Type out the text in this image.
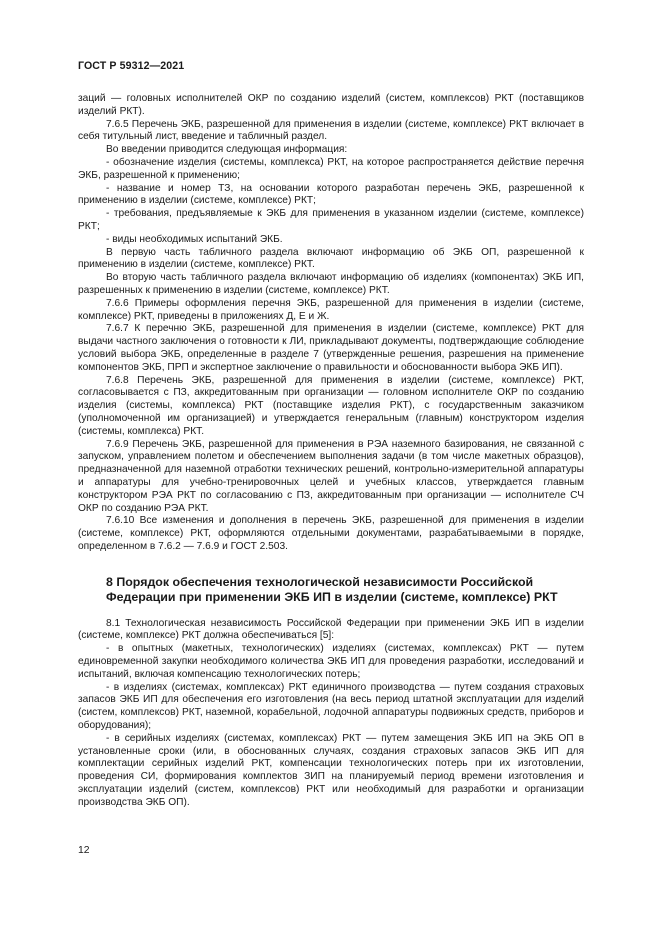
ГОСТ Р 59312—2021

заций — головных исполнителей ОКР по созданию изделий (систем, комплексов) РКТ (поставщиков изделий РКТ).

7.6.5 Перечень ЭКБ, разрешенной для применения в изделии (системе, комплексе) РКТ включает в себя титульный лист, введение и табличный раздел.

Во введении приводится следующая информация:

- обозначение изделия (системы, комплекса) РКТ, на которое распространяется действие перечня ЭКБ, разрешенной к применению;

- название и номер ТЗ, на основании которого разработан перечень ЭКБ, разрешенной к применению в изделии (системе, комплексе) РКТ;

- требования, предъявляемые к ЭКБ для применения в указанном изделии (системе, комплексе) РКТ;

- виды необходимых испытаний ЭКБ.

В первую часть табличного раздела включают информацию об ЭКБ ОП, разрешенной к применению в изделии (системе, комплексе) РКТ.

Во вторую часть табличного раздела включают информацию об изделиях (компонентах) ЭКБ ИП, разрешенных к применению в изделии (системе, комплексе) РКТ.

7.6.6 Примеры оформления перечня ЭКБ, разрешенной для применения в изделии (системе, комплексе) РКТ, приведены в приложениях Д, Е и Ж.

7.6.7 К перечню ЭКБ, разрешенной для применения в изделии (системе, комплексе) РКТ для выдачи частного заключения о готовности к ЛИ, прикладывают документы, подтверждающие соблюдение условий выбора ЭКБ, определенные в разделе 7 (утвержденные решения, разрешения на применение компонентов ЭКБ, ПРП и экспертное заключение о правильности и обоснованности выбора ЭКБ ИП).

7.6.8 Перечень ЭКБ, разрешенной для применения в изделии (системе, комплексе) РКТ, согласовывается с ПЗ, аккредитованным при организации — головном исполнителе ОКР по созданию изделия (системы, комплекса) РКТ (поставщике изделия РКТ), с государственным заказчиком (уполномоченной им организацией) и утверждается генеральным (главным) конструктором изделия (системы, комплекса) РКТ.

7.6.9 Перечень ЭКБ, разрешенной для применения в РЭА наземного базирования, не связанной с запуском, управлением полетом и обеспечением выполнения задачи (в том числе макетных образцов), предназначенной для наземной отработки технических решений, контрольно-измерительной аппаратуры и аппаратуры для учебно-тренировочных целей и учебных классов, утверждается главным конструктором РЭА РКТ по согласованию с ПЗ, аккредитованным при организации — исполнителе СЧ ОКР по созданию РЭА РКТ.

7.6.10 Все изменения и дополнения в перечень ЭКБ, разрешенной для применения в изделии (системе, комплексе) РКТ, оформляются отдельными документами, разрабатываемыми в порядке, определенном в 7.6.2 — 7.6.9 и ГОСТ 2.503.

8 Порядок обеспечения технологической независимости Российской
Федерации при применении ЭКБ ИП в изделии (системе, комплексе) РКТ

8.1 Технологическая независимость Российской Федерации при применении ЭКБ ИП в изделии (системе, комплексе) РКТ должна обеспечиваться [5]:

- в опытных (макетных, технологических) изделиях (системах, комплексах) РКТ — путем единовременной закупки необходимого количества ЭКБ ИП для проведения разработки, исследований и испытаний, включая компенсацию технологических потерь;

- в изделиях (системах, комплексах) РКТ единичного производства — путем создания страховых запасов ЭКБ ИП для обеспечения его изготовления (на весь период штатной эксплуатации для изделий (систем, комплексов) РКТ, наземной, корабельной, лодочной аппаратуры подвижных средств, приборов и оборудования);

- в серийных изделиях (системах, комплексах) РКТ — путем замещения ЭКБ ИП на ЭКБ ОП в установленные сроки (или, в обоснованных случаях, создания страховых запасов ЭКБ ИП для комплектации серийных изделий РКТ, компенсации технологических потерь при их изготовлении, проведения СИ, формирования комплектов ЗИП на планируемый период времени изготовления и эксплуатации изделий (систем, комплексов) РКТ или необходимый для разработки и организации производства ЭКБ ОП).

12
